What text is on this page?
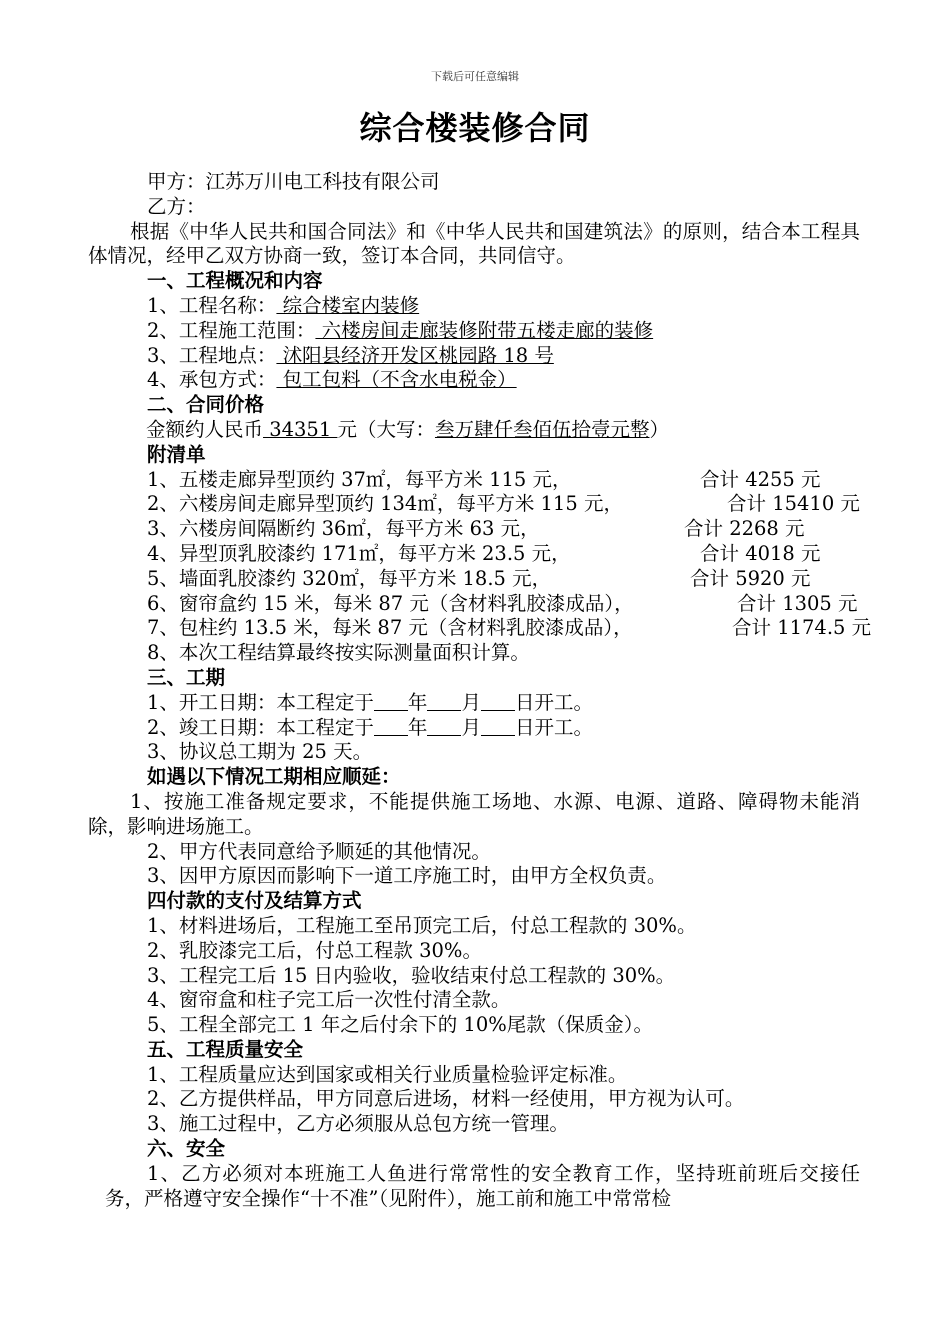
下载后可任意编辑
综合楼装修合同

甲方：江苏万川电工科技有限公司

乙方：

根据《中华人民共和国合同法》和《中华人民共和国建筑法》的原则，结合本工程具体情况，经甲乙双方协商一致，签订本合同，共同信守。

一、工程概况和内容

1、工程名称： 综合楼室内装修

2、工程施工范围： 六楼房间走廊装修附带五楼走廊的装修

3、工程地点： 沭阳县经济开发区桃园路 18 号

4、承包方式： 包工包料（不含水电税金）

二、合同价格

金额约人民币 34351 元（大写：叁万肆仟叁佰伍拾壹元整）

附清单

1、五楼走廊异型顶约 37㎡，每平方米 115 元，	合计 4255 元

2、六楼房间走廊异型顶约 134㎡，每平方米 115 元，	合计 15410 元

3、六楼房间隔断约 36㎡，每平方米 63 元，	合计 2268 元

4、异型顶乳胶漆约 171㎡，每平方米 23.5 元，	合计 4018 元

5、墙面乳胶漆约 320㎡，每平方米 18.5 元，	合计 5920 元

6、窗帘盒约 15 米，每米 87 元（含材料乳胶漆成品），	合计 1305 元

7、包柱约 13.5 米，每米 87 元（含材料乳胶漆成品），	合计 1174.5 元

8、本次工程结算最终按实际测量面积计算。

三、工期

1、开工日期：本工程定于 年 月 日开工。

2、竣工日期：本工程定于 年 月 日开工。

3、协议总工期为 25 天。

如遇以下情况工期相应顺延：

1、按施工准备规定要求，不能提供施工场地、水源、电源、道路、障碍物未能消除，影响进场施工。

2、甲方代表同意给予顺延的其他情况。

3、因甲方原因而影响下一道工序施工时，由甲方全权负责。

四付款的支付及结算方式

1、材料进场后，工程施工至吊顶完工后，付总工程款的 30%。

2、乳胶漆完工后，付总工程款 30%。

3、工程完工后 15 日内验收，验收结束付总工程款的 30%。

4、窗帘盒和柱子完工后一次性付清全款。

5、工程全部完工 1 年之后付余下的 10%尾款（保质金）。

五、工程质量安全

1、工程质量应达到国家或相关行业质量检验评定标准。

2、乙方提供样品，甲方同意后进场，材料一经使用，甲方视为认可。

3、施工过程中，乙方必须服从总包方统一管理。

六、安全

1、乙方必须对本班施工人鱼进行常常性的安全教育工作，坚持班前班后交接任务，严格遵守安全操作“十不准”（见附件），施工前和施工中常常检
